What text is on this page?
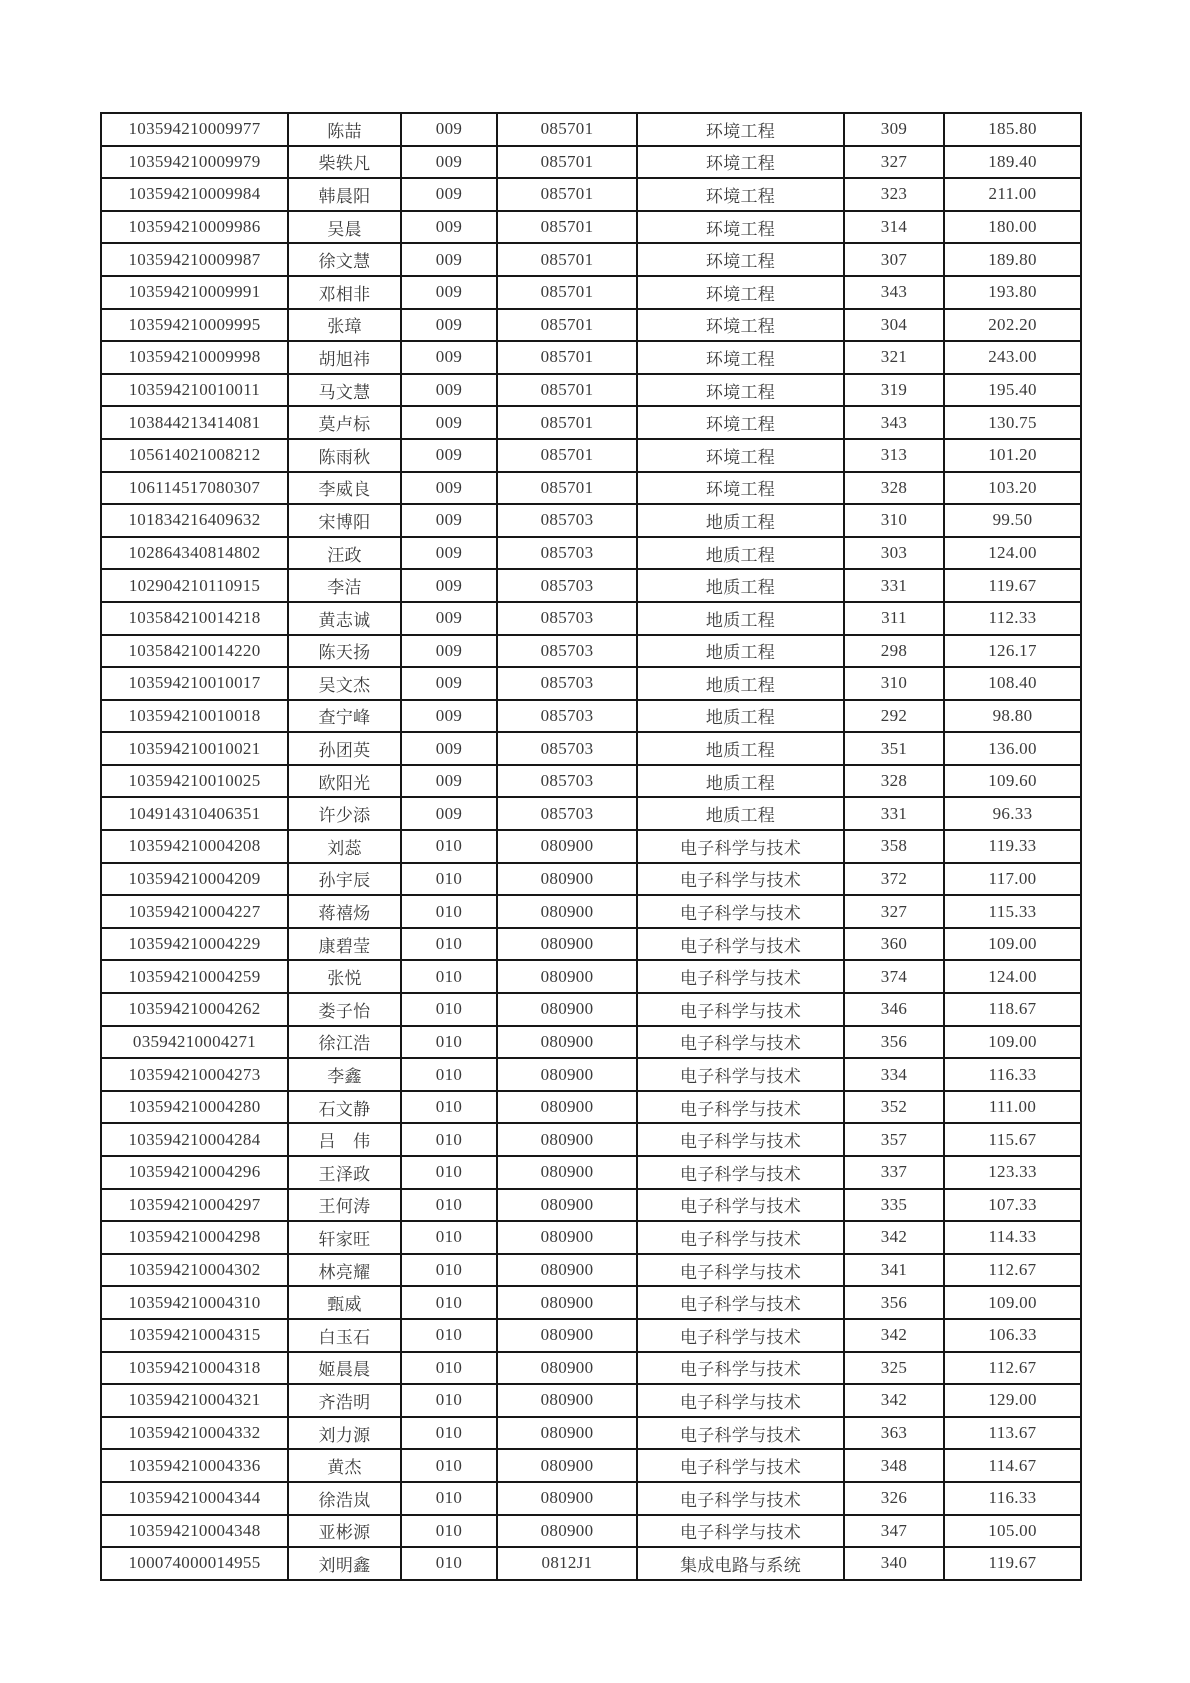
103594210009977	陈喆	009	085701	环境工程	309	185.80
103594210009979	柴轶凡	009	085701	环境工程	327	189.40
103594210009984	韩晨阳	009	085701	环境工程	323	211.00
103594210009986	吴晨	009	085701	环境工程	314	180.00
103594210009987	徐文慧	009	085701	环境工程	307	189.80
103594210009991	邓相非	009	085701	环境工程	343	193.80
103594210009995	张璋	009	085701	环境工程	304	202.20
103594210009998	胡旭祎	009	085701	环境工程	321	243.00
103594210010011	马文慧	009	085701	环境工程	319	195.40
103844213414081	莫卢标	009	085701	环境工程	343	130.75
105614021008212	陈雨秋	009	085701	环境工程	313	101.20
106114517080307	李威良	009	085701	环境工程	328	103.20
101834216409632	宋博阳	009	085703	地质工程	310	99.50
102864340814802	汪政	009	085703	地质工程	303	124.00
102904210110915	李洁	009	085703	地质工程	331	119.67
103584210014218	黄志诚	009	085703	地质工程	311	112.33
103584210014220	陈天扬	009	085703	地质工程	298	126.17
103594210010017	吴文杰	009	085703	地质工程	310	108.40
103594210010018	查宁峰	009	085703	地质工程	292	98.80
103594210010021	孙团英	009	085703	地质工程	351	136.00
103594210010025	欧阳光	009	085703	地质工程	328	109.60
104914310406351	许少添	009	085703	地质工程	331	96.33
103594210004208	刘蕊	010	080900	电子科学与技术	358	119.33
103594210004209	孙宇辰	010	080900	电子科学与技术	372	117.00
103594210004227	蒋禧炀	010	080900	电子科学与技术	327	115.33
103594210004229	康碧莹	010	080900	电子科学与技术	360	109.00
103594210004259	张悦	010	080900	电子科学与技术	374	124.00
103594210004262	娄子怡	010	080900	电子科学与技术	346	118.67
03594210004271	徐江浩	010	080900	电子科学与技术	356	109.00
103594210004273	李鑫	010	080900	电子科学与技术	334	116.33
103594210004280	石文静	010	080900	电子科学与技术	352	111.00
103594210004284	吕　伟	010	080900	电子科学与技术	357	115.67
103594210004296	王泽政	010	080900	电子科学与技术	337	123.33
103594210004297	王何涛	010	080900	电子科学与技术	335	107.33
103594210004298	轩家旺	010	080900	电子科学与技术	342	114.33
103594210004302	林亮耀	010	080900	电子科学与技术	341	112.67
103594210004310	甄威	010	080900	电子科学与技术	356	109.00
103594210004315	白玉石	010	080900	电子科学与技术	342	106.33
103594210004318	姬晨晨	010	080900	电子科学与技术	325	112.67
103594210004321	齐浩明	010	080900	电子科学与技术	342	129.00
103594210004332	刘力源	010	080900	电子科学与技术	363	113.67
103594210004336	黄杰	010	080900	电子科学与技术	348	114.67
103594210004344	徐浩岚	010	080900	电子科学与技术	326	116.33
103594210004348	亚彬源	010	080900	电子科学与技术	347	105.00
100074000014955	刘明鑫	010	0812J1	集成电路与系统	340	119.67
